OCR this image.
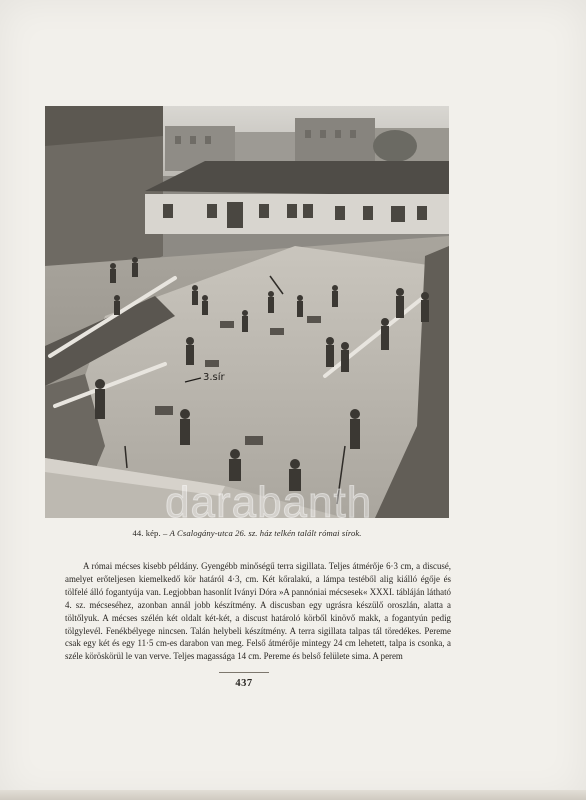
3.sír
darabanth
44. kép. – A Csalogány-utca 26. sz. ház telkén talált római sírok.

A római mécses kisebb példány. Gyengébb minőségű terra sigillata. Teljes átmérője 6·3 cm, a discusé, amelyet erőteljesen kiemelkedő kör határól 4·3, cm. Két kőralakú, a lámpa testéből alig kiálló égője és tölfelé álló fogantyúja van. Legjobban hasonlít Iványi Dóra »A pannóniai mécsesek« XXXI. tábláján látható 4. sz. mécseséhez, azonban annál jobb készítmény. A discusban egy ugrásra készülő oroszlán, alatta a töltőlyuk. A mécses szélén két oldalt két-két, a discust határoló körből kinövő makk, a fogantyún pedig tölgylevél. Fenékbélyege nincsen. Talán helybeli készítmény. A terra sigillata talpas tál töredékes. Pereme csak egy két és egy 11·5 cm-es darabon van meg. Felső átmérője mintegy 24 cm lehetett, talpa is csonka, a széle köröskörül le van verve. Teljes magassága 14 cm. Pereme és belső felülete sima. A perem

437
